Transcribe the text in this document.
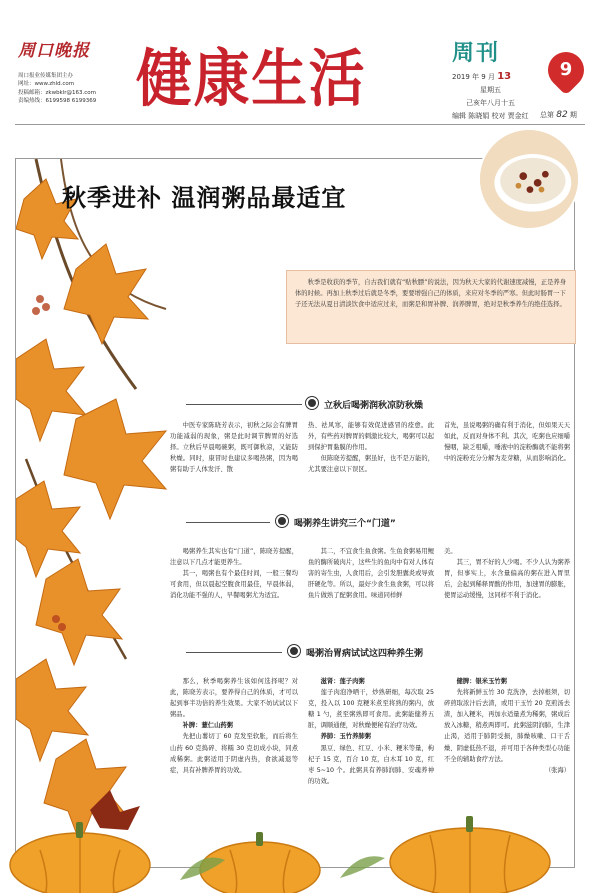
周口晚报
周口报业传媒集团主办
网址：www.zhld.com
投稿邮箱：zkwbklr@163.com
责编热线：6199598 6199369 健康生活	周刊
2019 年 9 月 13
星期五
己亥年八月十五
编辑 陈晓娟 校对 贾金红
9
总第 82 期
秋季进补 温润粥品最适宜
秋季是收获的季节，自古我们就有“贴秋膘”的说法，因为秋天大家的代谢速度减慢，正是养身体的时候。再加上秋季过后就是冬季，要要增强自己的体质，来应对冬季的严寒。但此时肠胃一下子还无法从夏日清淡饮食中适应过来，而粥是和胃补脾、润养脾胃，绝对是秋季养生的绝佳选择。
立秋后喝粥润秋凉防秋燥

中医专家陈晓芳表示，初秋之际会有脾胃功能减弱的现象，粥是此时调节脾胃的好选择。立秋后早晨喝碗粥，既可御秋凉，又能防秋燥。同时，康冒时也建议多喝热粥，因为喝粥有助于人体发汗、散

热、祛风寒，能够有效促进感冒的痊愈。此外，有些药对脾胃的刺激比较大，喝粥可以起到保护胃黏膜的作用。

但陈晓芳提醒，粥虽好，也不是万能的，尤其要注意以下误区。

首先，虽说喝粥的确有利于消化，但如果天天如此，反而对身体不利。其次，吃粥也应细嚼慢咽，缺乏咀嚼，唾液中的淀粉酶就不能将粥中的淀粉充分分解为麦芽糖，从而影响消化。

喝粥养生讲究三个“门道”

喝粥养生其实也有“门道”，陈晓芳提醒，注意以下几点才能更养生。

其一，喝粥也有个最佳时间，一般三餐均可食用，但以晨起空腹食用最佳，早晨体弱，消化功能不强的人，早餐喝粥尤为适宜。

其二，不宜食生鱼食粥。生鱼食粥易用鲤鱼的酶所破肉片，这些生的鱼肉中有对人体有害的寄生虫，人食用后，会引发胆囊炎或导致肝硬化等。所以，最好少食生鱼食粥，可以将鱼片做熟了配粥食用。味道同样鲜

美。

其三，胃不好的人少喝。不少人认为粥养胃，但事实上，水含量偏高的粥在进入胃里后，会起到稀释胃酸的作用，加速胃的膨胀，使胃运动缓慢，这同样不利于消化。

喝粥治胃病试试这四种养生粥

那么，秋季喝粥养生该如何选择呢？对此，陈晓芳表示，要养得自己的体质，才可以起到事半功倍的养生效果。大家不妨试试以下粥品。

补脾：薏仁山药粥

先把山薯切丁 60 克发至软胀，而后将生山药 60 克捣碎、将糯 30 克切成小块，同煮成稀粥。此粥适用于阴虚内热，食欲减退等症，具有补脾养胃的功效。

滋肾：莲子肉粥

莲子肉泡净晒干，炒熟研细，每次取 25 克，投入以 100 克粳米煮至将熟的粥内，放糖 1 勺，煮至粥熟即可食用。此粥能健养五脏，调顺通便，对秋燥便秘有治疗功效。

养肺：玉竹养肺粥

黑豆、绿色、红豆、小米、粳米等量，枸杞子 15 克，百合 10 克，白木耳 10 克，红枣 5~10 个。此粥具有养肺润肺、安魂养神的功效。

健脾：银米玉竹粥

先将新鲜玉竹 30 克洗净，去掉根须，切碎煎取浓汁后去渣，或用干玉竹 20 克煎汤去渣，加入粳米，再加水适量煮为稀粥，粥成后放入冰糖，稍煮两即可。此粥滋阴润肺，生津止渴，适用于肺阴受损，肺燥咳嗽、口干舌燥、阴虚低热不退，并可用于各种类型心功能不全的辅助食疗方法。

（张海）
